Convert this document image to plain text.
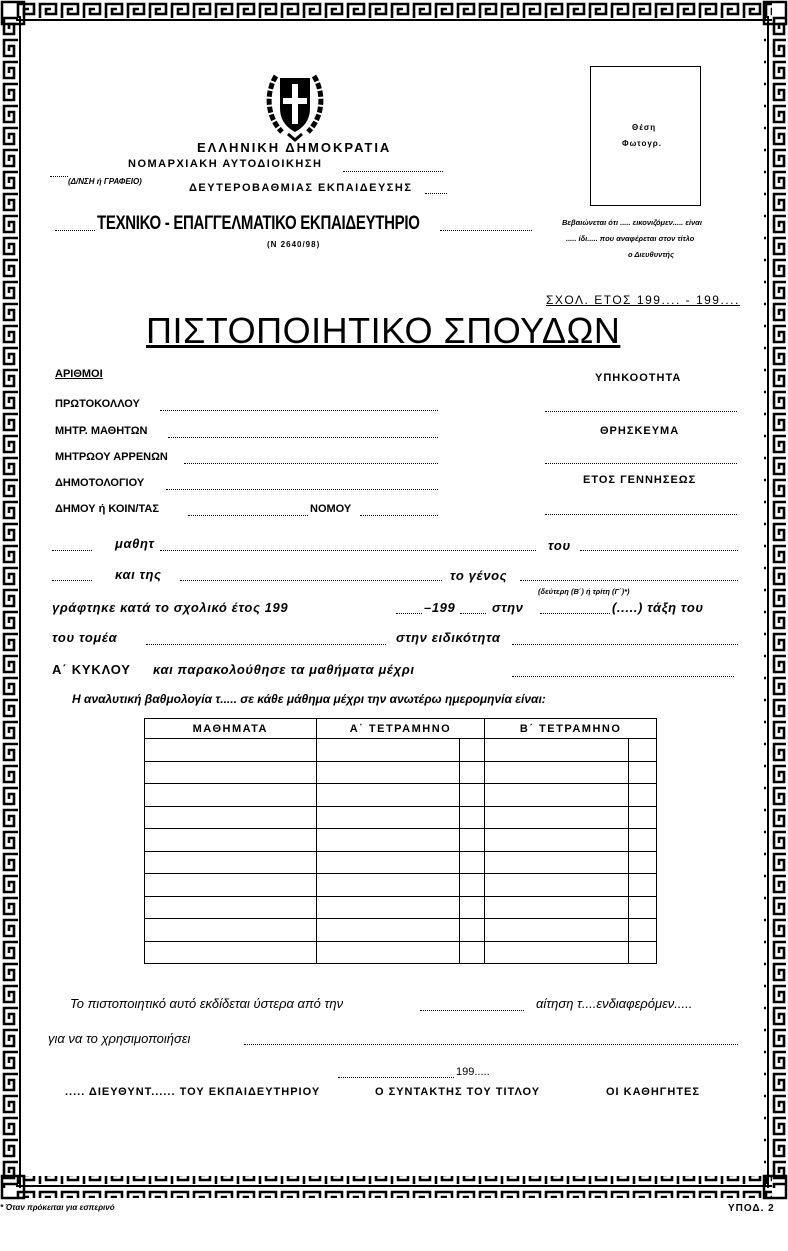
ΕΛΛΗΝΙΚΗ ΔΗΜΟΚΡΑΤΙΑ
ΝΟΜΑΡΧΙΑΚΗ ΑΥΤΟΔΙΟΙΚΗΣΗ
(Δ/ΝΣΗ ή ΓΡΑΦΕΙΟ)
ΔΕΥΤΕΡΟΒΑΘΜΙΑΣ ΕΚΠΑΙΔΕΥΣΗΣ
ΤΕΧΝΙΚΟ - ΕΠΑΓΓΕΛΜΑΤΙΚΟ ΕΚΠΑΙΔΕΥΤΗΡΙΟ
(Ν 2640/98)
Θέση
Φωτογρ.
Βεβαιώνεται ότι ..... εικονιζόμεν..... είναι
..... ίδι..... που αναφέρεται στον τίτλο
ο Διευθυντής
ΣΧΟΛ. ΕΤΟΣ 199.... - 199....
ΠΙΣΤΟΠΟΙΗΤΙΚΟ ΣΠΟΥΔΩΝ
ΑΡΙΘΜΟΙ
ΠΡΩΤΟΚΟΛΛΟΥ
ΜΗΤΡ. ΜΑΘΗΤΩΝ
ΜΗΤΡΩΟΥ ΑΡΡΕΝΩΝ
ΔΗΜΟΤΟΛΟΓΙΟΥ
ΔΗΜΟΥ ή ΚΟΙΝ/ΤΑΣ	ΝΟΜΟΥ
ΥΠΗΚΟΟΤΗΤΑ
ΘΡΗΣΚΕΥΜΑ
ΕΤΟΣ ΓΕΝΝΗΣΕΩΣ
μαθητ	του
και της	το γένος
(δεύτερη (Β΄) ή τρίτη (Γ΄)*)
γράφτηκε κατά το σχολικό έτος 199	–199	στην	(.....) τάξη του
του τομέα	στην ειδικότητα
Α΄ ΚΥΚΛΟΥ και παρακολούθησε τα μαθήματα μέχρι
Η αναλυτική βαθμολογία τ..... σε κάθε μάθημα μέχρι την ανωτέρω ημερομηνία είναι:
ΜΑΘΗΜΑΤΑ	Α΄ ΤΕΤΡΑΜΗΝΟ		Β΄ ΤΕΤΡΑΜΗΝΟ	

Το πιστοποιητικό αυτό εκδίδεται ύστερα από την	αίτηση τ....ενδιαφερόμεν.....
για να το χρησιμοποιήσει
199.....
..... ΔΙΕΥΘΥΝΤ...... ΤΟΥ ΕΚΠΑΙΔΕΥΤΗΡΙΟΥ	Ο ΣΥΝΤΑΚΤΗΣ ΤΟΥ ΤΙΤΛΟΥ	ΟΙ ΚΑΘΗΓΗΤΕΣ
* Όταν πρόκειται για εσπερινό	ΥΠΟΔ. 2
